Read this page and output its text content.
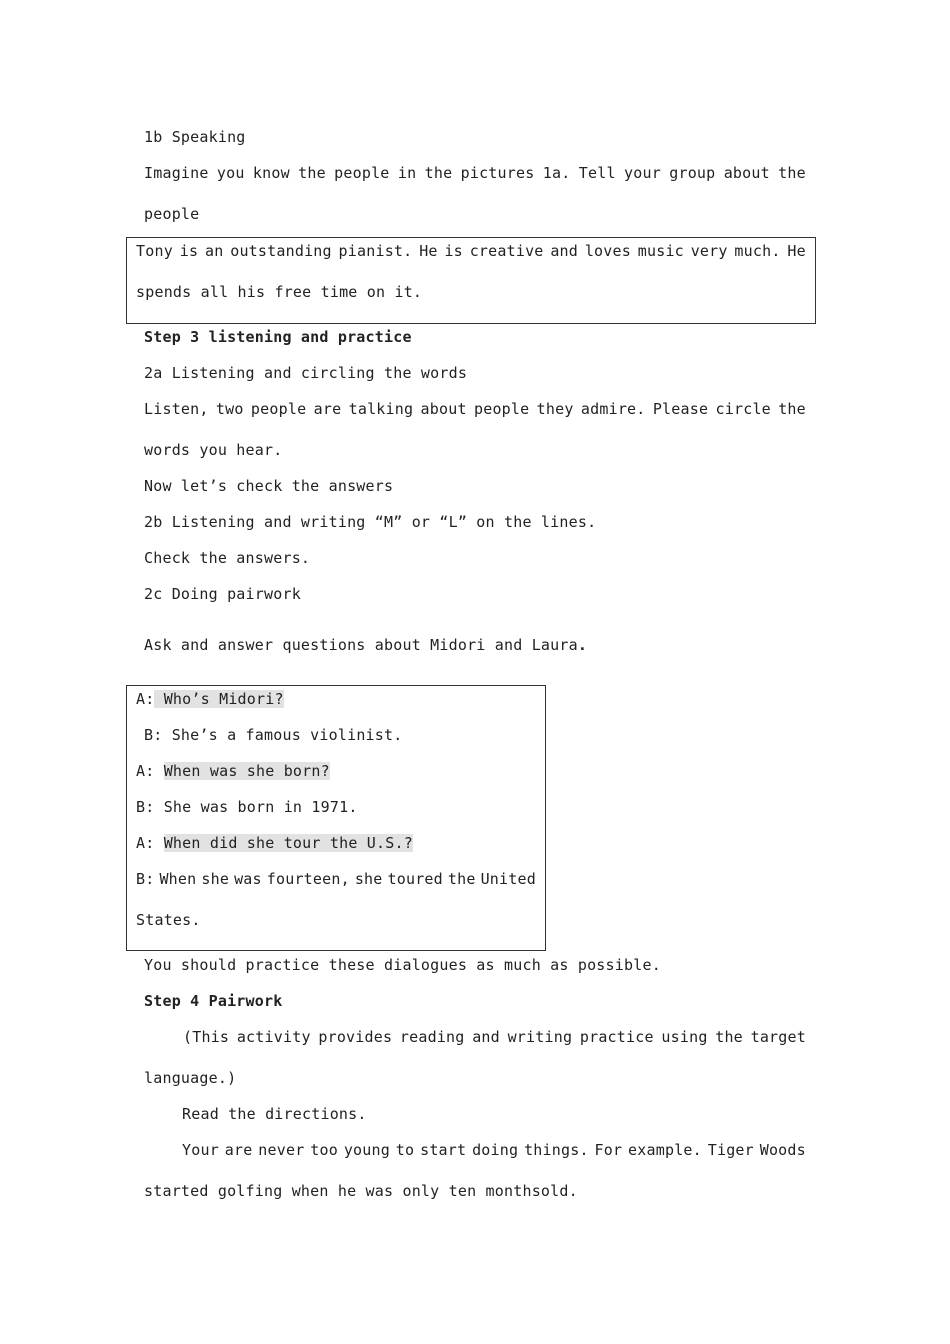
1b Speaking
Imagine you know the people in the pictures 1a. Tell your group about the
people
Tony is an outstanding pianist. He is creative and loves music very much. He
spends all his free time on it.
Step 3 listening and practice
2a Listening and circling the words
Listen, two people are talking about people they admire. Please circle the
words you hear.
Now let’s check the answers
2b Listening and writing “M” or “L” on the lines.
Check the answers.
2c Doing pairwork
Ask and answer questions about Midori and Laura.
A: Who’s Midori?
B: She’s a famous violinist.
A: When was she born?
B: She was born in 1971.
A: When did she tour the U.S.?
B: When she was fourteen, she toured the United
States.
You should practice these dialogues as much as possible.
Step 4 Pairwork
(This activity provides reading and writing practice using the target
language.)
Read the directions.
Your are never too young to start doing things. For example. Tiger Woods
started golfing when he was only ten monthsold.
